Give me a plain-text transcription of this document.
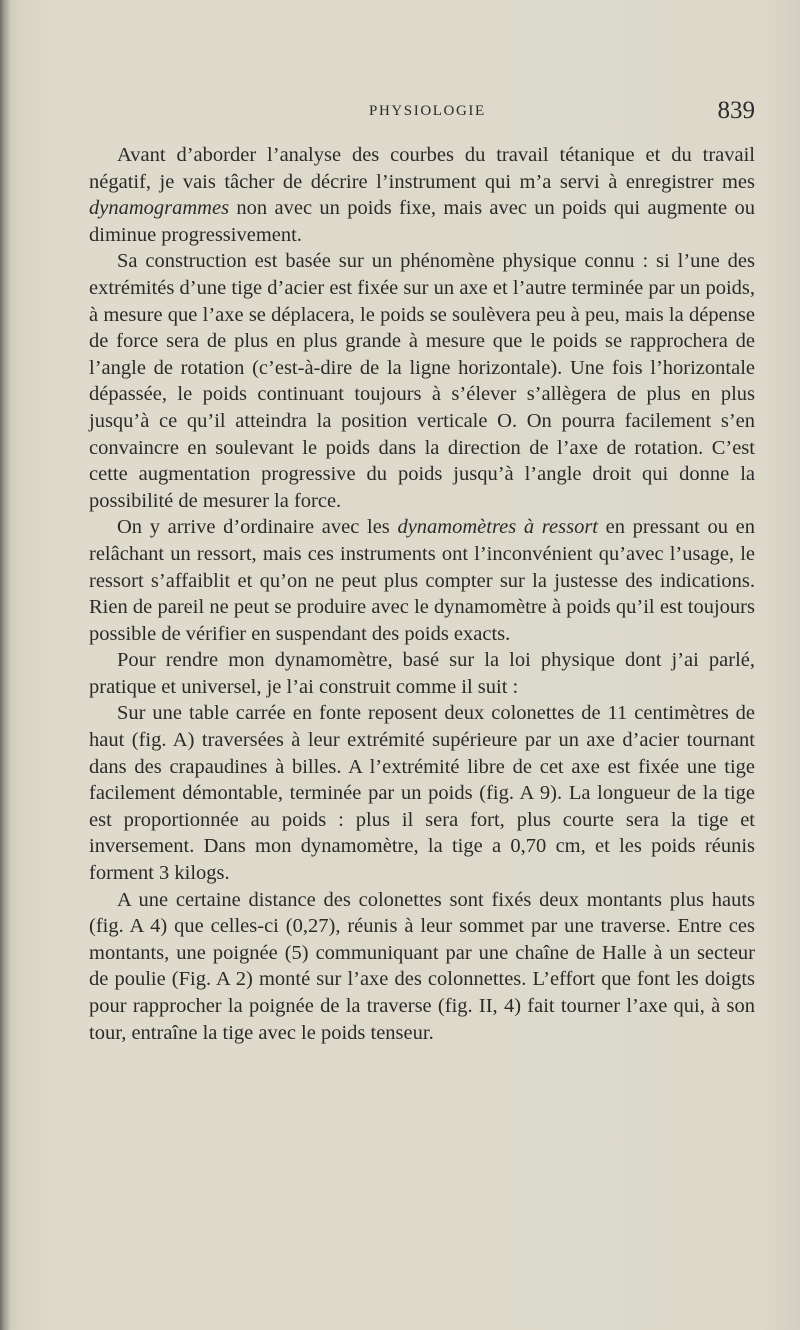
PHYSIOLOGIE	839

Avant d’aborder l’analyse des courbes du travail tétanique et du travail négatif, je vais tâcher de décrire l’instrument qui m’a servi à enregistrer mes dynamogrammes non avec un poids fixe, mais avec un poids qui augmente ou diminue progressivement.

Sa construction est basée sur un phénomène physique connu : si l’une des extrémités d’une tige d’acier est fixée sur un axe et l’autre terminée par un poids, à mesure que l’axe se déplacera, le poids se soulèvera peu à peu, mais la dépense de force sera de plus en plus grande à mesure que le poids se rapprochera de l’angle de rotation (c’est-à-dire de la ligne horizontale). Une fois l’horizontale dépassée, le poids continuant toujours à s’élever s’allègera de plus en plus jusqu’à ce qu’il atteindra la position verticale O. On pourra facilement s’en convaincre en soulevant le poids dans la direction de l’axe de rotation. C’est cette augmentation progressive du poids jusqu’à l’angle droit qui donne la possibilité de mesurer la force.

On y arrive d’ordinaire avec les dynamomètres à ressort en pressant ou en relâchant un ressort, mais ces instruments ont l’inconvénient qu’avec l’usage, le ressort s’affaiblit et qu’on ne peut plus compter sur la justesse des indications. Rien de pareil ne peut se produire avec le dynamomètre à poids qu’il est toujours possible de vérifier en suspendant des poids exacts.

Pour rendre mon dynamomètre, basé sur la loi physique dont j’ai parlé, pratique et universel, je l’ai construit comme il suit :

Sur une table carrée en fonte reposent deux colonettes de 11 centimètres de haut (fig. A) traversées à leur extrémité supérieure par un axe d’acier tournant dans des crapaudines à billes. A l’extrémité libre de cet axe est fixée une tige facilement démontable, terminée par un poids (fig. A 9). La longueur de la tige est proportionnée au poids : plus il sera fort, plus courte sera la tige et inversement. Dans mon dynamomètre, la tige a 0,70 cm, et les poids réunis forment 3 kilogs.

A une certaine distance des colonettes sont fixés deux montants plus hauts (fig. A 4) que celles-ci (0,27), réunis à leur sommet par une traverse. Entre ces montants, une poignée (5) communiquant par une chaîne de Halle à un secteur de poulie (Fig. A 2) monté sur l’axe des colonnettes. L’effort que font les doigts pour rapprocher la poignée de la traverse (fig. II, 4) fait tourner l’axe qui, à son tour, entraîne la tige avec le poids tenseur.
